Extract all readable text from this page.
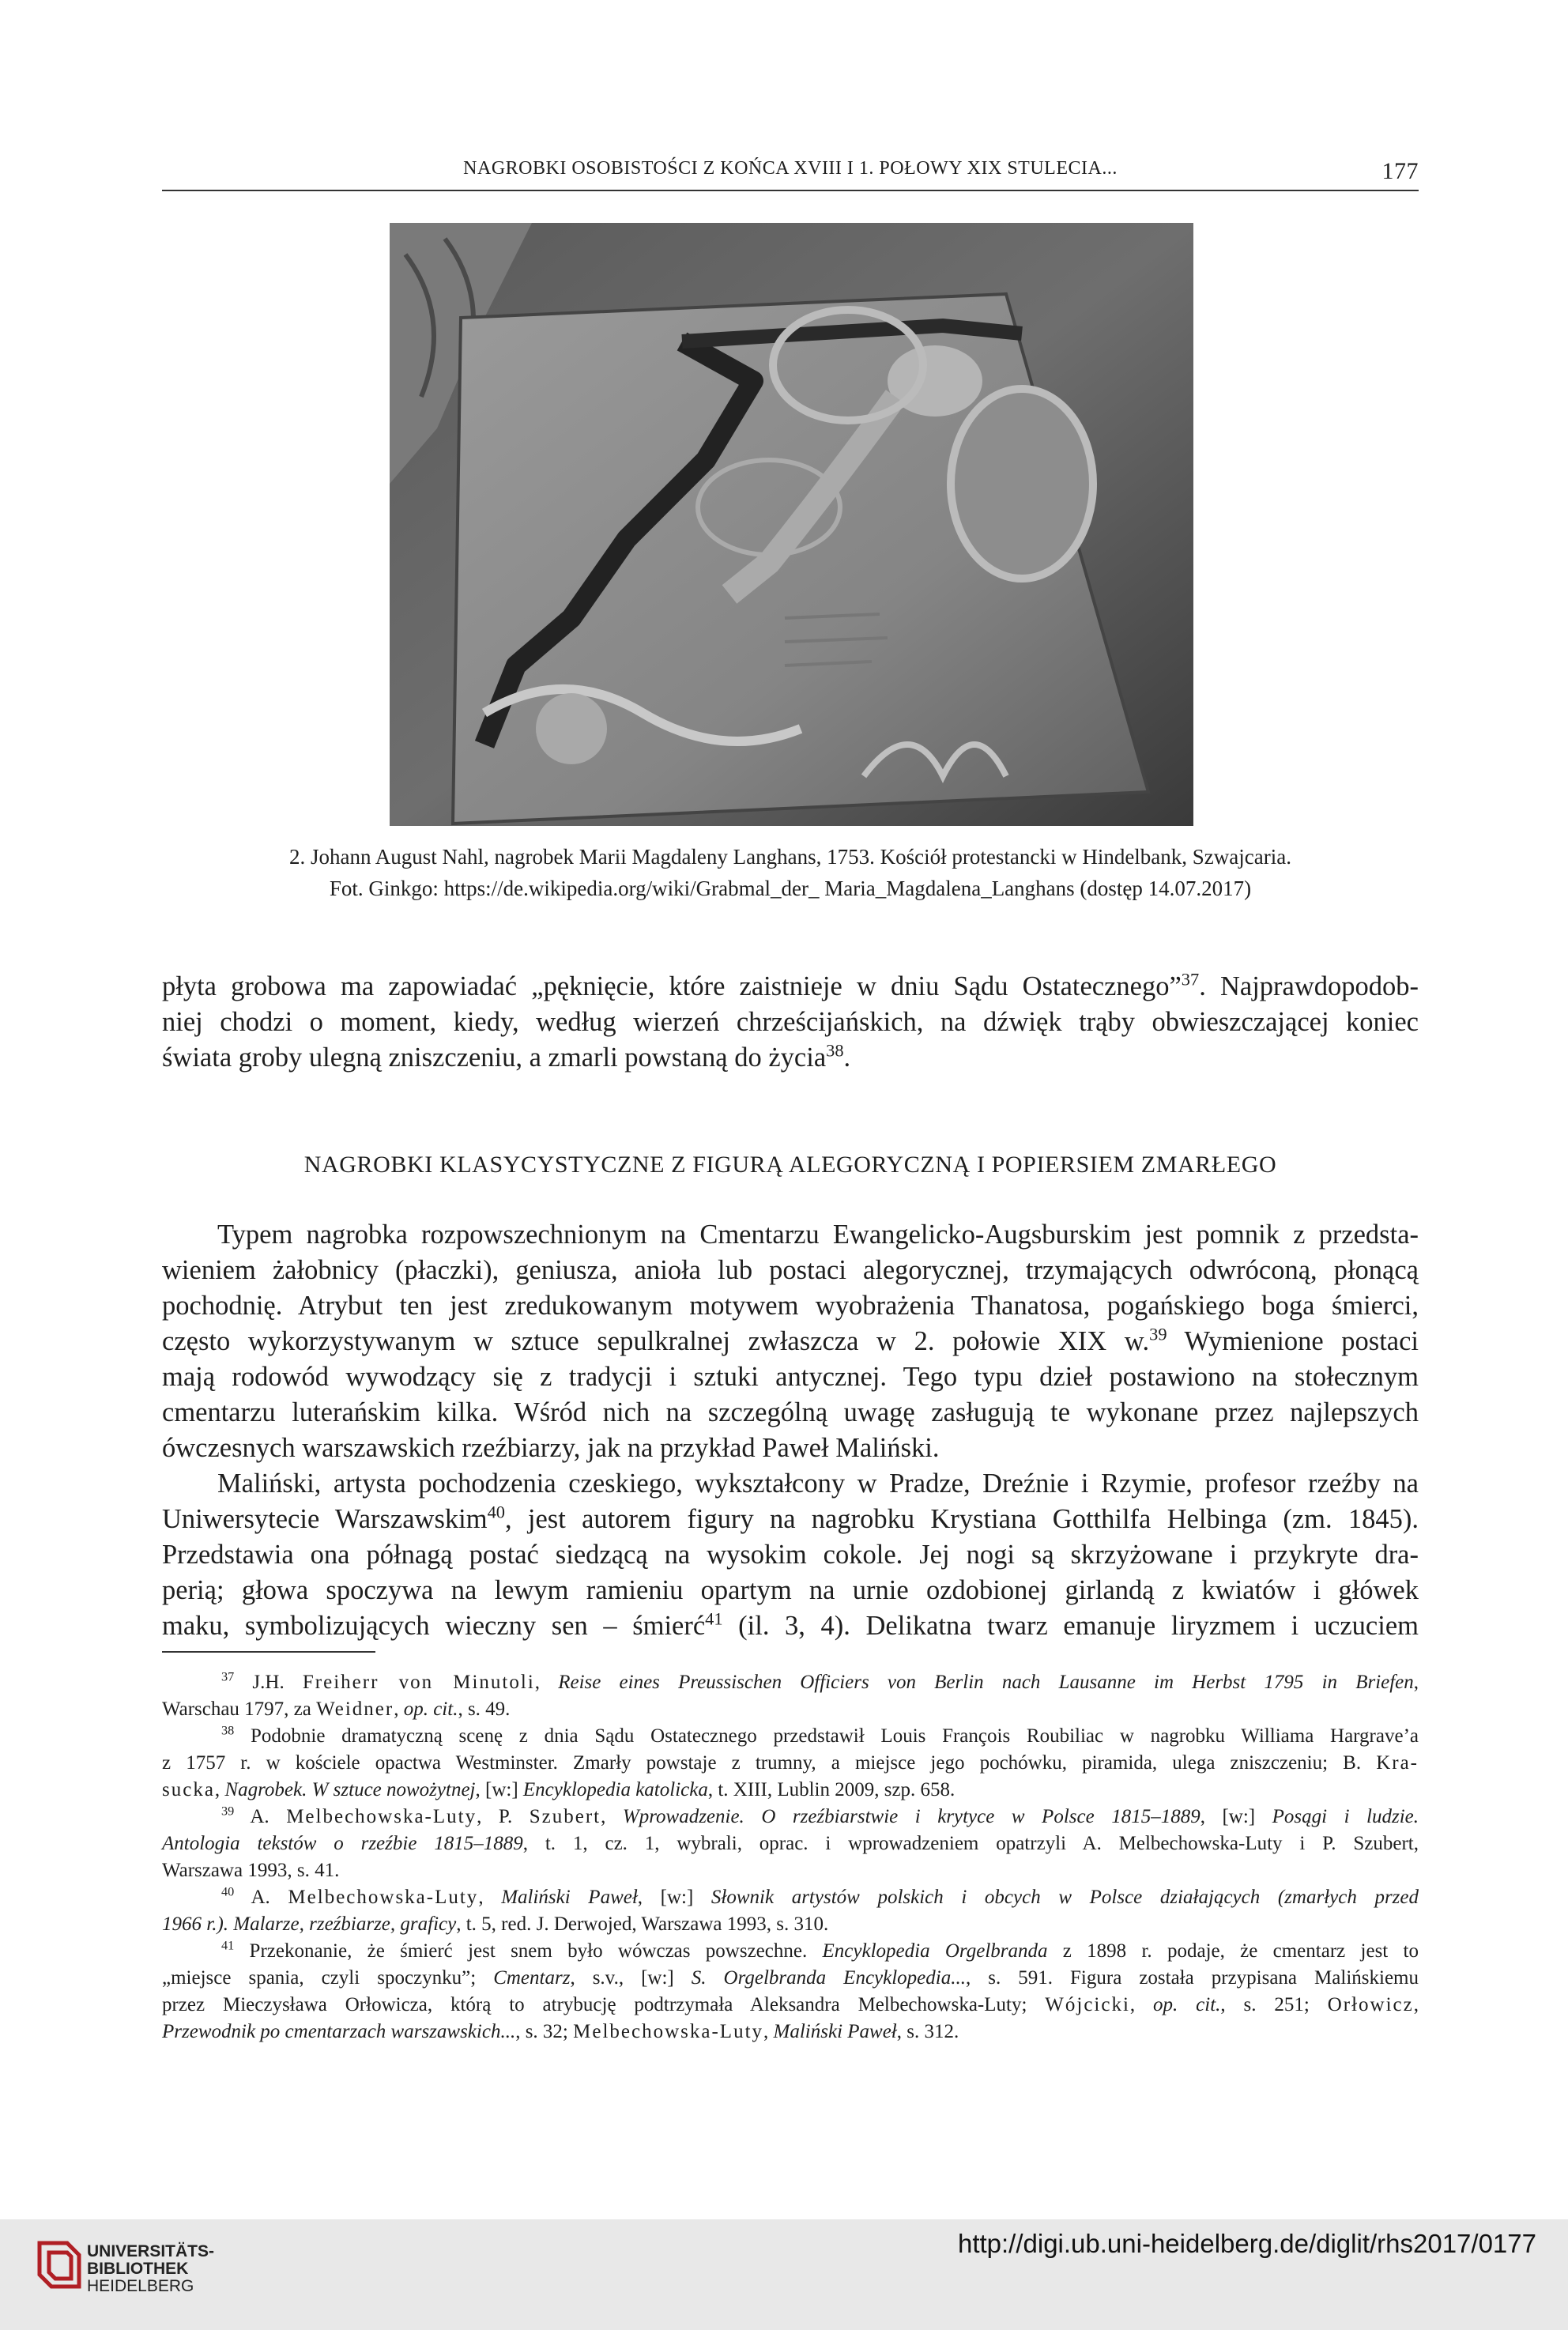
NAGROBKI OSOBISTOŚCI Z KOŃCA XVIII I 1. POŁOWY XIX STULECIA...	177
2. Johann August Nahl, nagrobek Marii Magdaleny Langhans, 1753. Kościół protestancki w Hindelbank, Szwajcaria.
Fot. Ginkgo: https://de.wikipedia.org/wiki/Grabmal_der_ Maria_Magdalena_Langhans (dostęp 14.07.2017)
płyta grobowa ma zapowiadać „pęknięcie, które zaistnieje w dniu Sądu Ostatecznego”$^{37}$. Najprawdopodob-
niej chodzi o moment, kiedy, według wierzeń chrześcijańskich, na dźwięk trąby obwieszczającej koniec
świata groby ulegną zniszczeniu, a zmarli powstaną do życia$^{38}$.
NAGROBKI KLASYCYSTYCZNE Z FIGURĄ ALEGORYCZNĄ I POPIERSIEM ZMARŁEGO
Typem nagrobka rozpowszechnionym na Cmentarzu Ewangelicko-Augsburskim jest pomnik z przedsta-
wieniem żałobnicy (płaczki), geniusza, anioła lub postaci alegorycznej, trzymających odwróconą, płonącą
pochodnię. Atrybut ten jest zredukowanym motywem wyobrażenia Thanatosa, pogańskiego boga śmierci,
często wykorzystywanym w sztuce sepulkralnej zwłaszcza w 2. połowie XIX w.$^{39}$ Wymienione postaci
mają rodowód wywodzący się z tradycji i sztuki antycznej. Tego typu dzieł postawiono na stołecznym
cmentarzu luterańskim kilka. Wśród nich na szczególną uwagę zasługują te wykonane przez najlepszych
ówczesnych warszawskich rzeźbiarzy, jak na przykład Paweł Maliński.
Maliński, artysta pochodzenia czeskiego, wykształcony w Pradze, Dreźnie i Rzymie, profesor rzeźby na
Uniwersytecie Warszawskim$^{40}$, jest autorem figury na nagrobku Krystiana Gotthilfa Helbinga (zm. 1845).
Przedstawia ona półnagą postać siedzącą na wysokim cokole. Jej nogi są skrzyżowane i przykryte dra-
perią; głowa spoczywa na lewym ramieniu opartym na urnie ozdobionej girlandą z kwiatów i główek
maku, symbolizujących wieczny sen – śmierć$^{41}$ (il. 3, 4). Delikatna twarz emanuje liryzmem i uczuciem
$^{37}$ J.H. Freiherr von Minutoli, Reise eines Preussischen Officiers von Berlin nach Lausanne im Herbst 1795 in Briefen,
Warschau 1797, za Weidner, op. cit., s. 49.
$^{38}$ Podobnie dramatyczną scenę z dnia Sądu Ostatecznego przedstawił Louis François Roubiliac w nagrobku Williama Hargrave’a
z 1757 r. w kościele opactwa Westminster. Zmarły powstaje z trumny, a miejsce jego pochówku, piramida, ulega zniszczeniu; B. Kra-
sucka, Nagrobek. W sztuce nowożytnej, [w:] Encyklopedia katolicka, t. XIII, Lublin 2009, szp. 658.
$^{39}$ A. Melbechowska-Luty, P. Szubert, Wprowadzenie. O rzeźbiarstwie i krytyce w Polsce 1815–1889, [w:] Posągi i ludzie.
Antologia tekstów o rzeźbie 1815–1889, t. 1, cz. 1, wybrali, oprac. i wprowadzeniem opatrzyli A. Melbechowska-Luty i P. Szubert,
Warszawa 1993, s. 41.
$^{40}$ A. Melbechowska-Luty, Maliński Paweł, [w:] Słownik artystów polskich i obcych w Polsce działających (zmarłych przed
1966 r.). Malarze, rzeźbiarze, graficy, t. 5, red. J. Derwojed, Warszawa 1993, s. 310.
$^{41}$ Przekonanie, że śmierć jest snem było wówczas powszechne. Encyklopedia Orgelbranda z 1898 r. podaje, że cmentarz jest to
„miejsce spania, czyli spoczynku”; Cmentarz, s.v., [w:] S. Orgelbranda Encyklopedia..., s. 591. Figura została przypisana Malińskiemu
przez Mieczysława Orłowicza, którą to atrybucję podtrzymała Aleksandra Melbechowska-Luty; Wójcicki, op. cit., s. 251; Orłowicz,
Przewodnik po cmentarzach warszawskich..., s. 32; Melbechowska-Luty, Maliński Paweł, s. 312.
UNIVERSITÄTS-
BIBLIOTHEK
HEIDELBERG
http://digi.ub.uni-heidelberg.de/diglit/rhs2017/0177
